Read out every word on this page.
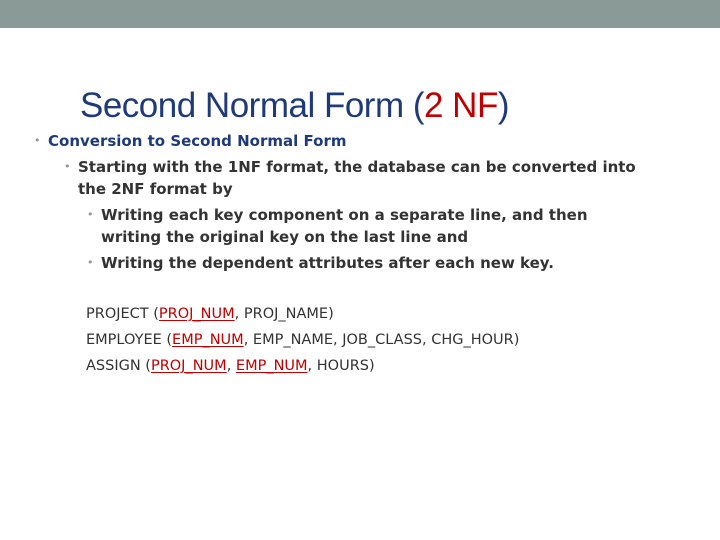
Second Normal Form (2 NF)
• Conversion to Second Normal Form
• Starting with the 1NF format, the database can be converted into
the 2NF format by
• Writing each key component on a separate line, and then
writing the original key on the last line and
• Writing the dependent attributes after each new key.
PROJECT (PROJ_NUM, PROJ_NAME)
EMPLOYEE (EMP_NUM, EMP_NAME, JOB_CLASS, CHG_HOUR)
ASSIGN (PROJ_NUM, EMP_NUM, HOURS)
